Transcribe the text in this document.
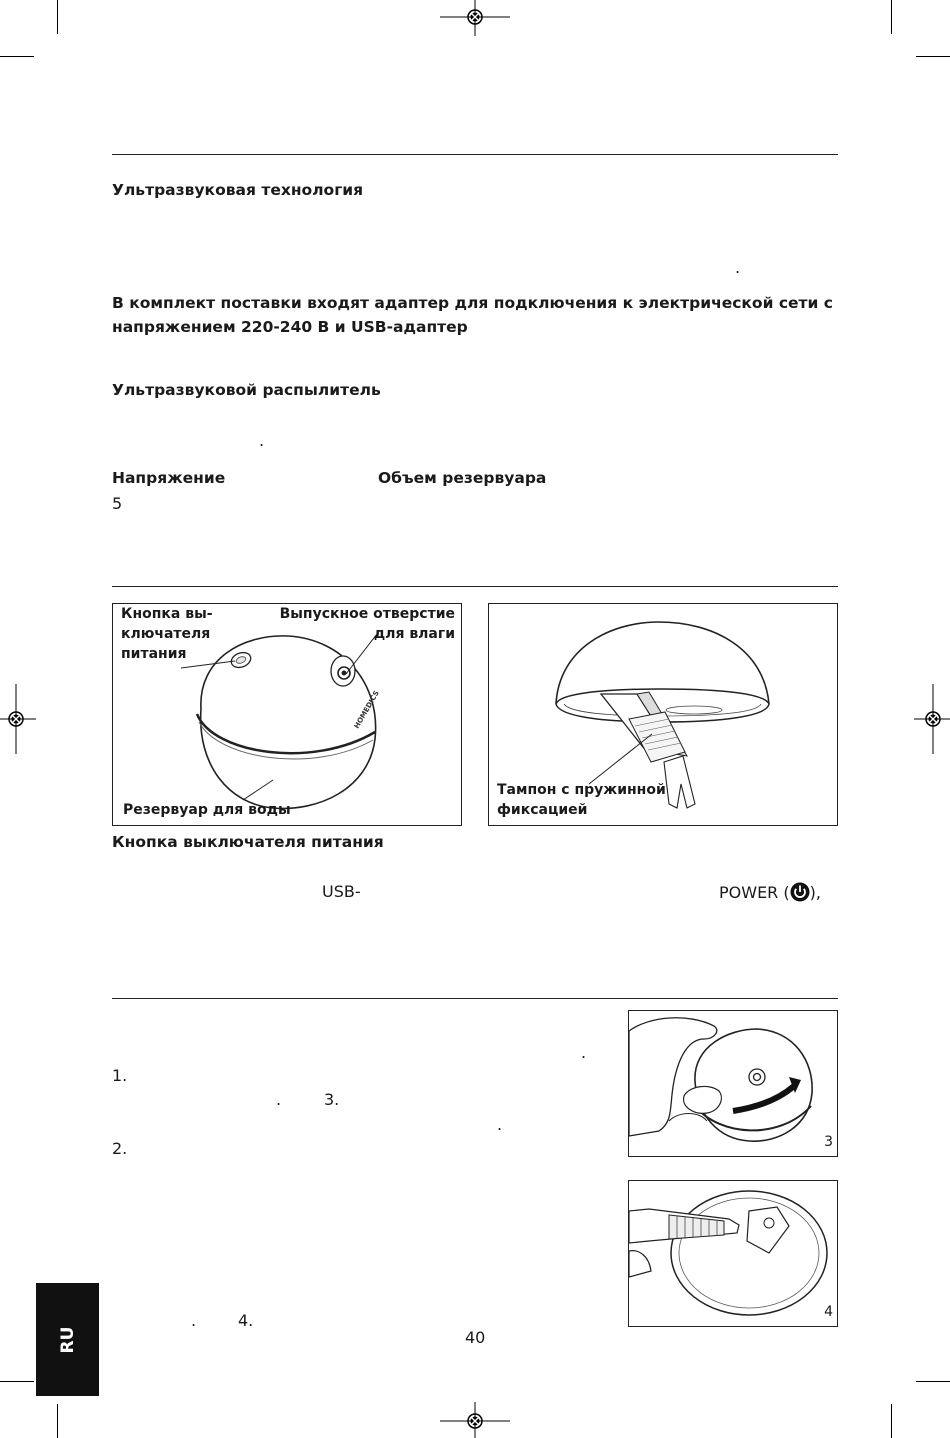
Ультразвуковая технология
.
В комплект поставки входят адаптер для подключения к электрической сети с
напряжением 220-240 В и USB-адаптер
Ультразвуковой распылитель
.
Напряжение	Объем резервуара
5
HOMEDICS
Кнопка вы-
ключателя
питания
Выпускное отверстие
для влаги
Резервуар для воды
Тампон с пружинной
фиксацией
Кнопка выключателя питания
USB-	POWER ( ),
.
1.
.	3.
.
2.
.	4.
3
4
40
RU
